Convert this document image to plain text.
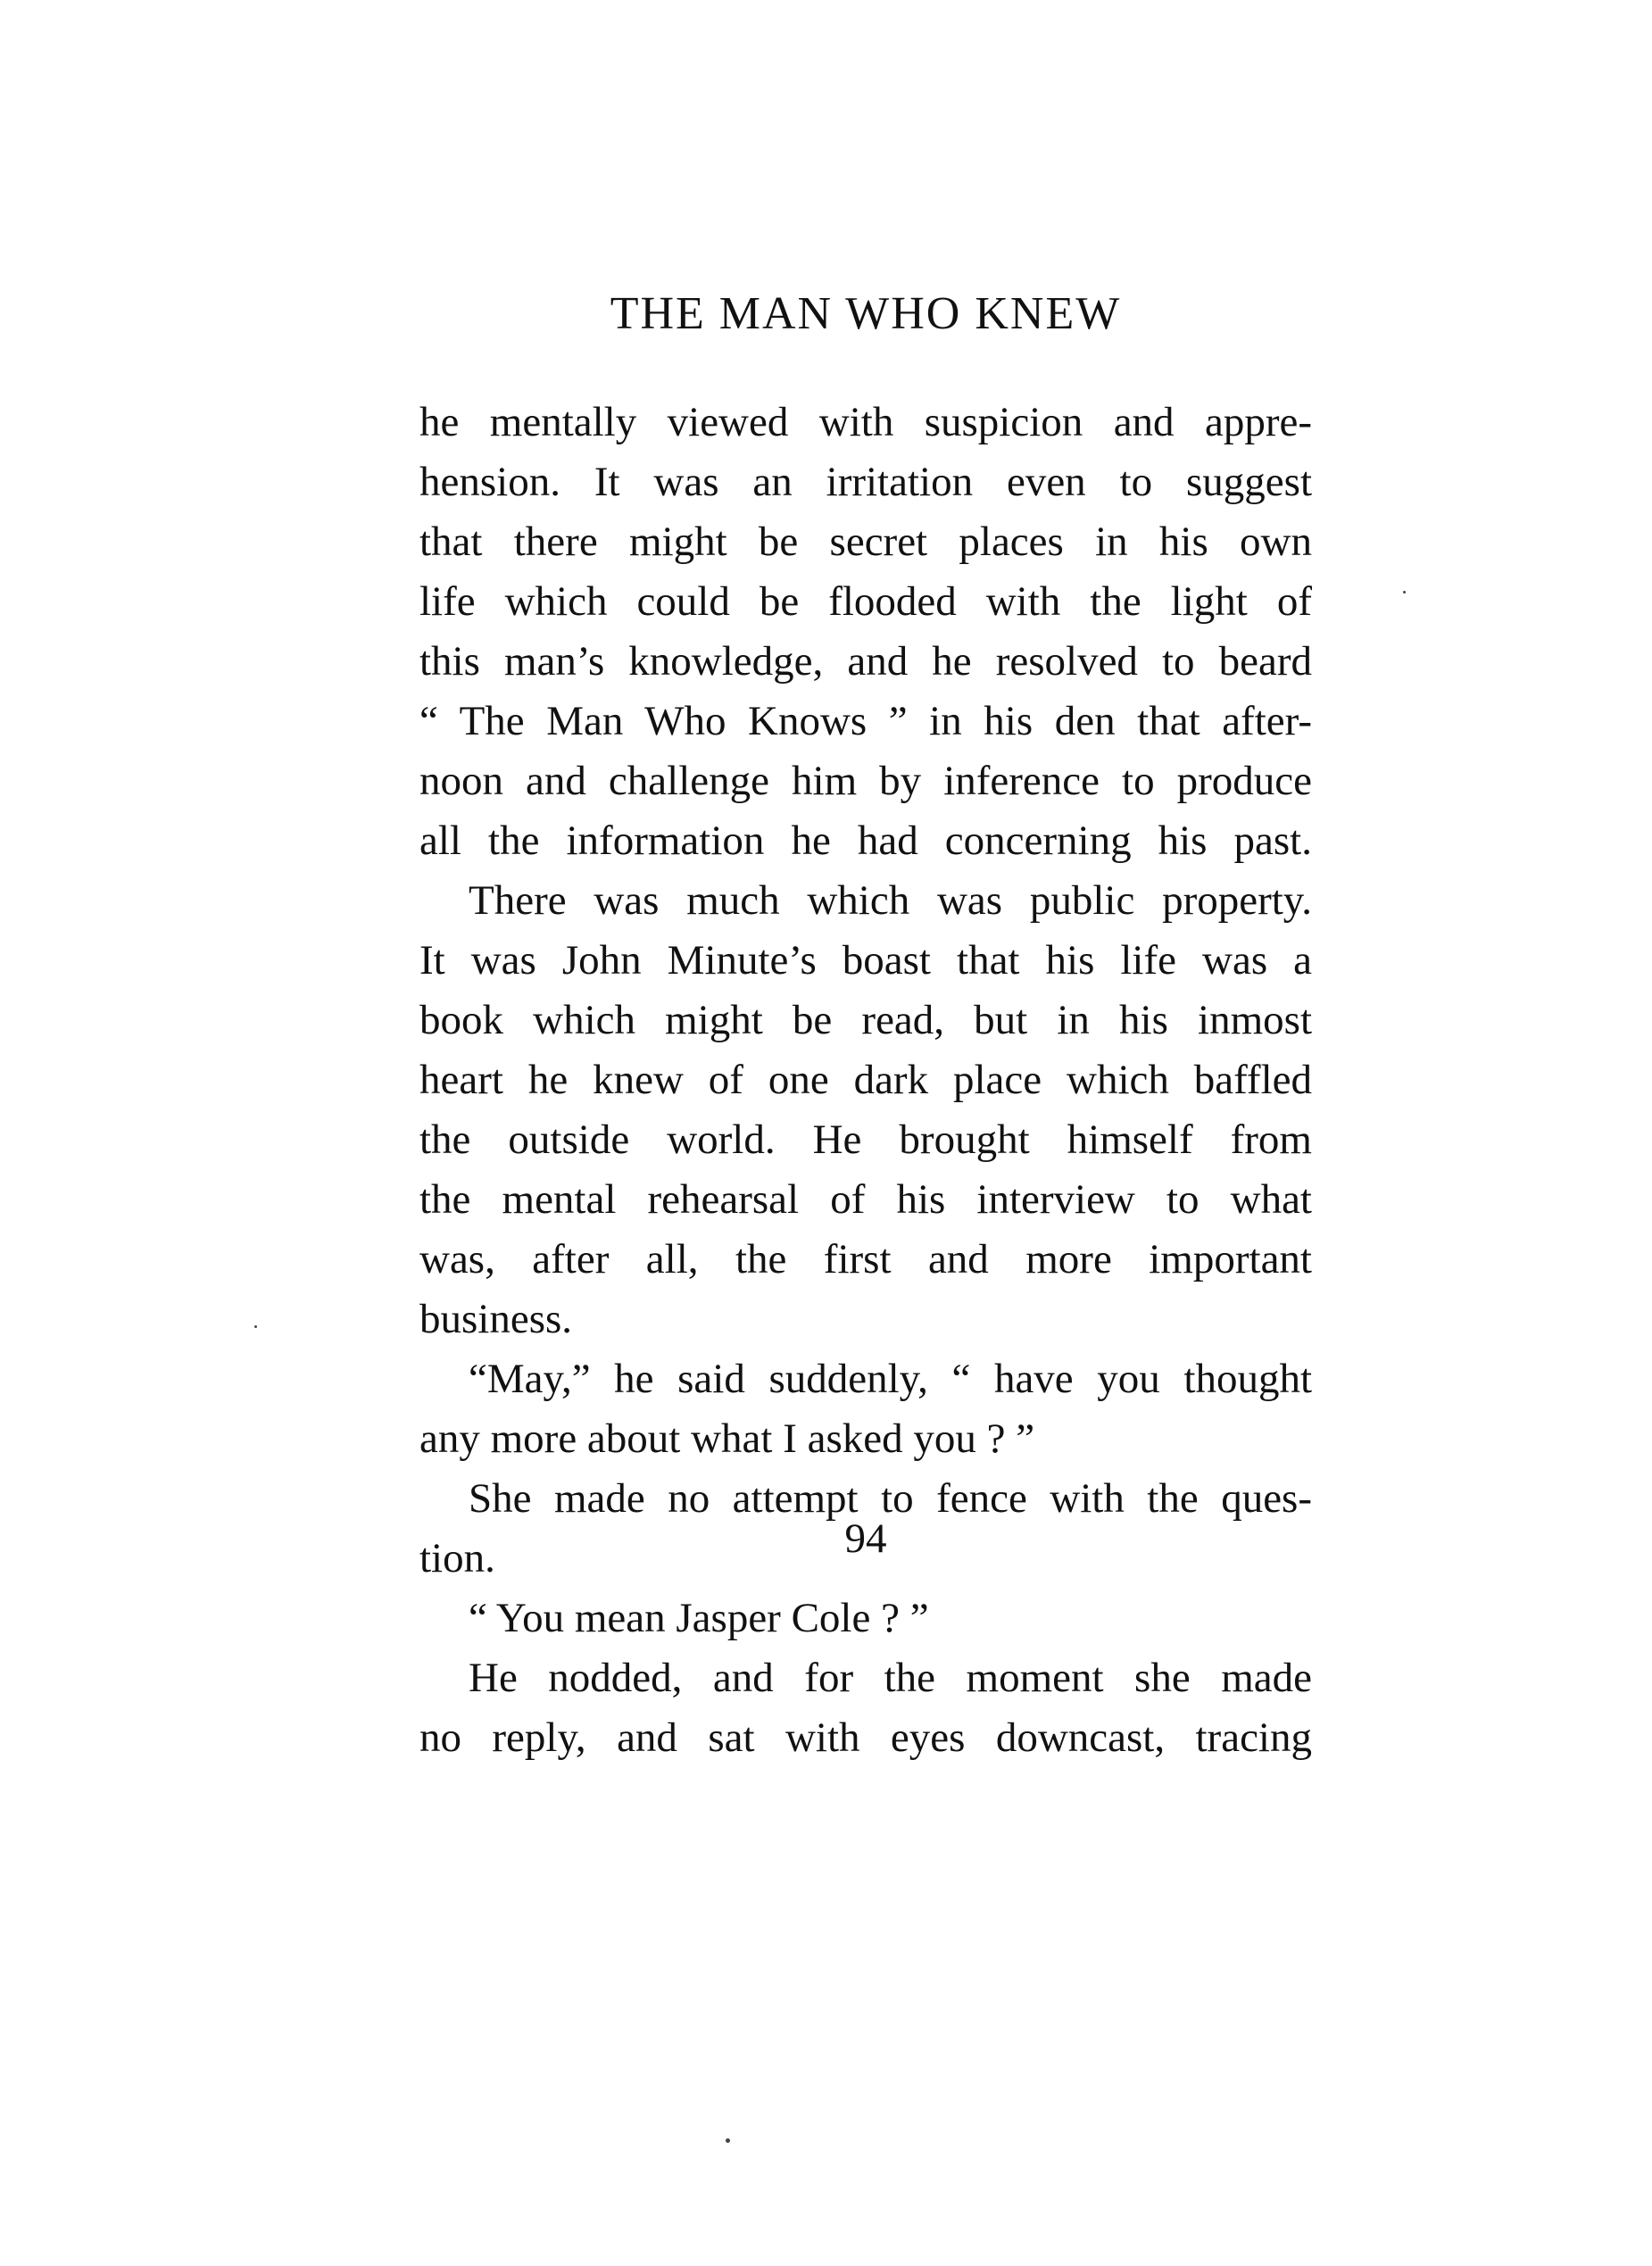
THE MAN WHO KNEW
he mentally viewed with suspicion and appre-
hension. It was an irritation even to suggest
that there might be secret places in his own
life which could be flooded with the light of
this man’s knowledge, and he resolved to beard
“ The Man Who Knows ” in his den that after-
noon and challenge him by inference to produce
all the information he had concerning his past.
There was much which was public property.
It was John Minute’s boast that his life was a
book which might be read, but in his inmost
heart he knew of one dark place which baffled
the outside world. He brought himself from
the mental rehearsal of his interview to what
was, after all, the first and more important
business.
“May,” he said suddenly, “ have you thought
any more about what I asked you ? ”
She made no attempt to fence with the ques-
tion.
“ You mean Jasper Cole ? ”
He nodded, and for the moment she made
no reply, and sat with eyes downcast, tracing
94
